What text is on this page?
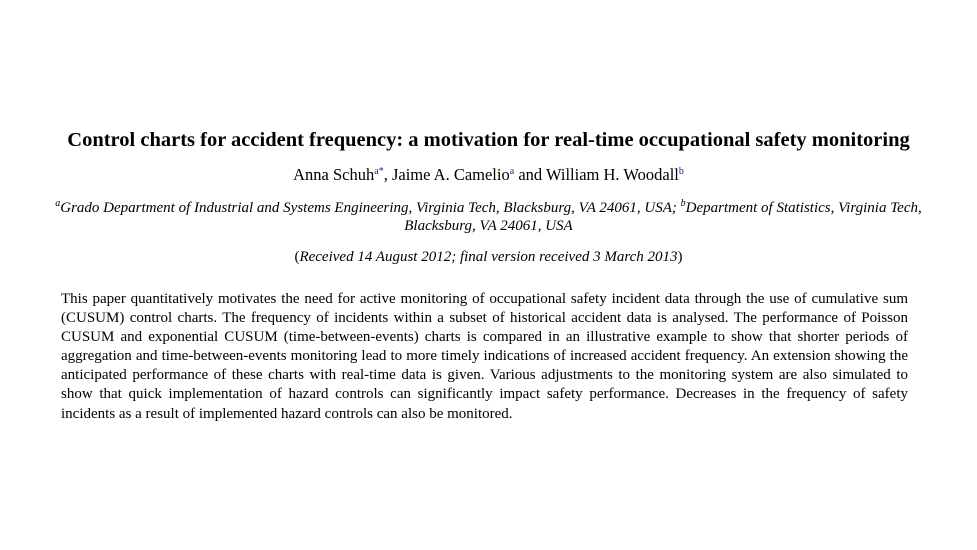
Control charts for accident frequency: a motivation for real-time occupational safety monitoring
Anna Schuh$^{a*}$, Jaime A. Camelio$^a$ and William H. Woodall$^b$
$^a$Grado Department of Industrial and Systems Engineering, Virginia Tech, Blacksburg, VA 24061, USA; $^b$Department of Statistics, Virginia Tech, Blacksburg, VA 24061, USA
(Received 14 August 2012; final version received 3 March 2013)
This paper quantitatively motivates the need for active monitoring of occupational safety incident data through the use of cumulative sum (CUSUM) control charts. The frequency of incidents within a subset of historical accident data is analysed. The performance of Poisson CUSUM and exponential CUSUM (time-between-events) charts is compared in an illustrative example to show that shorter periods of aggregation and time-between-events monitoring lead to more timely indications of increased accident frequency. An extension showing the anticipated performance of these charts with real-time data is given. Various adjustments to the monitoring system are also simulated to show that quick implementation of hazard controls can significantly impact safety performance. Decreases in the frequency of safety incidents as a result of implemented hazard controls can also be monitored.
